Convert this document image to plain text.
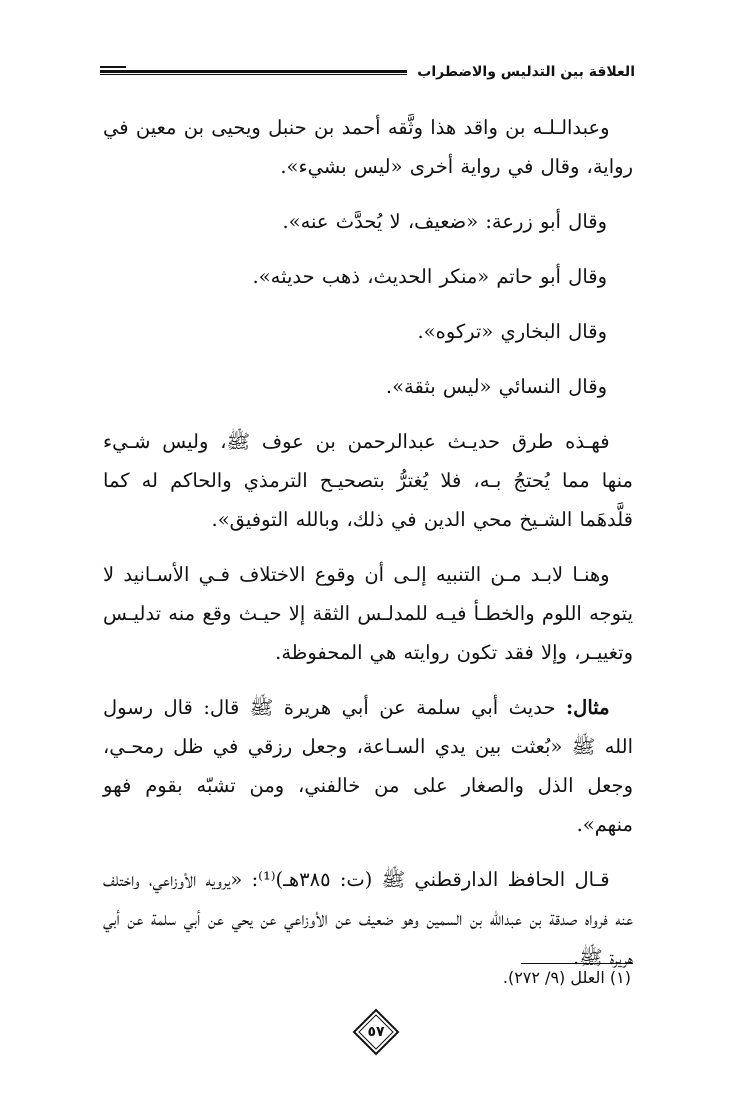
العلاقة بين التدليس والاضطراب

وعبدالـلـه بن واقد هذا وثَّقه أحمد بن حنبل ويحيى بن معين في رواية، وقال في رواية أخرى «ليس بشيء».

وقال أبو زرعة: «ضعيف، لا يُحدَّث عنه».

وقال أبو حاتم «منكر الحديث، ذهب حديثه».

وقال البخاري «تركوه».

وقال النسائي «ليس بثقة».

فهـذه طرق حديـث عبدالرحمن بن عوف ﷺ، وليس شـيء منها مما يُحتجُ بـه، فلا يُغترُّ بتصحيـح الترمذي والحاكم له كما قلَّدهَما الشـيخ محي الدين في ذلك، وبالله التوفيق».

وهنـا لابـد مـن التنبيه إلـى أن وقوع الاختلاف فـي الأسـانيد لا يتوجه اللوم والخطـأ فيـه للمدلـس الثقة إلا حيـث وقع منه تدليـس وتغييـر، وإلا فقد تكون روايته هي المحفوظة.

مثال: حديث أبي سلمة عن أبي هريرة ﷺ قال: قال رسول الله ﷺ «بُعثت بين يدي السـاعة، وجعل رزقي في ظل رمحـي، وجعل الذل والصغار على من خالفني، ومن تشبّه بقوم فهو منهم».

قـال الحافظ الدارقطني ﷺ (ت: ٣٨٥هـ)⁽¹⁾: «يرويه الأوزاعي، واختلف عنه فرواه صدقة بن عبدالله بن السمين وهو ضعيف عن الأوزاعي عن يحي عن أبي سلمة عن أبي هريرة ﷺ.

(١) العلل (٩/ ٢٧٢).
٥٧
